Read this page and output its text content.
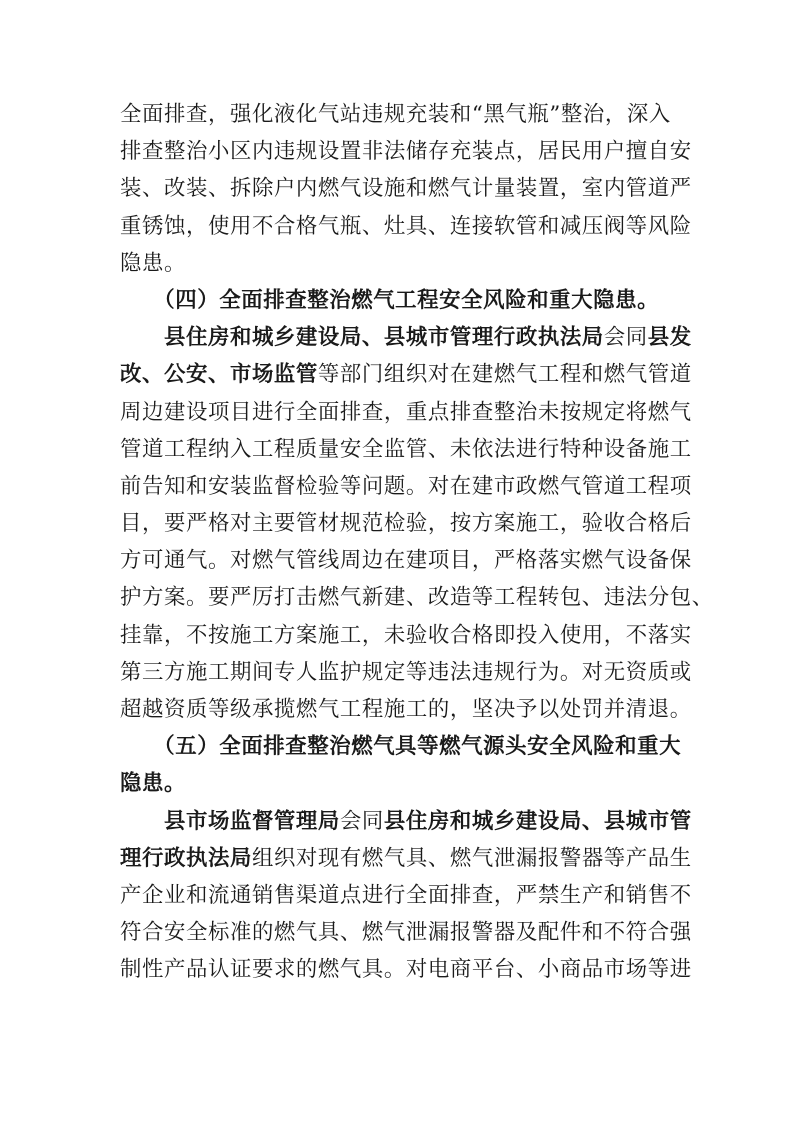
全面排查，强化液化气站违规充装和“黑气瓶”整治，深入
排查整治小区内违规设置非法储存充装点，居民用户擅自安
装、改装、拆除户内燃气设施和燃气计量装置，室内管道严
重锈蚀，使用不合格气瓶、灶具、连接软管和减压阀等风险
隐患。
　　（四）全面排查整治燃气工程安全风险和重大隐患。
　　县住房和城乡建设局、县城市管理行政执法局会同县发
改、公安、市场监管等部门组织对在建燃气工程和燃气管道
周边建设项目进行全面排查，重点排查整治未按规定将燃气
管道工程纳入工程质量安全监管、未依法进行特种设备施工
前告知和安装监督检验等问题。对在建市政燃气管道工程项
目，要严格对主要管材规范检验，按方案施工，验收合格后
方可通气。对燃气管线周边在建项目，严格落实燃气设备保
护方案。要严厉打击燃气新建、改造等工程转包、违法分包、
挂靠，不按施工方案施工，未验收合格即投入使用，不落实
第三方施工期间专人监护规定等违法违规行为。对无资质或
超越资质等级承揽燃气工程施工的，坚决予以处罚并清退。
　　（五）全面排查整治燃气具等燃气源头安全风险和重大
隐患。
　　县市场监督管理局会同县住房和城乡建设局、县城市管
理行政执法局组织对现有燃气具、燃气泄漏报警器等产品生
产企业和流通销售渠道点进行全面排查，严禁生产和销售不
符合安全标准的燃气具、燃气泄漏报警器及配件和不符合强
制性产品认证要求的燃气具。对电商平台、小商品市场等进
